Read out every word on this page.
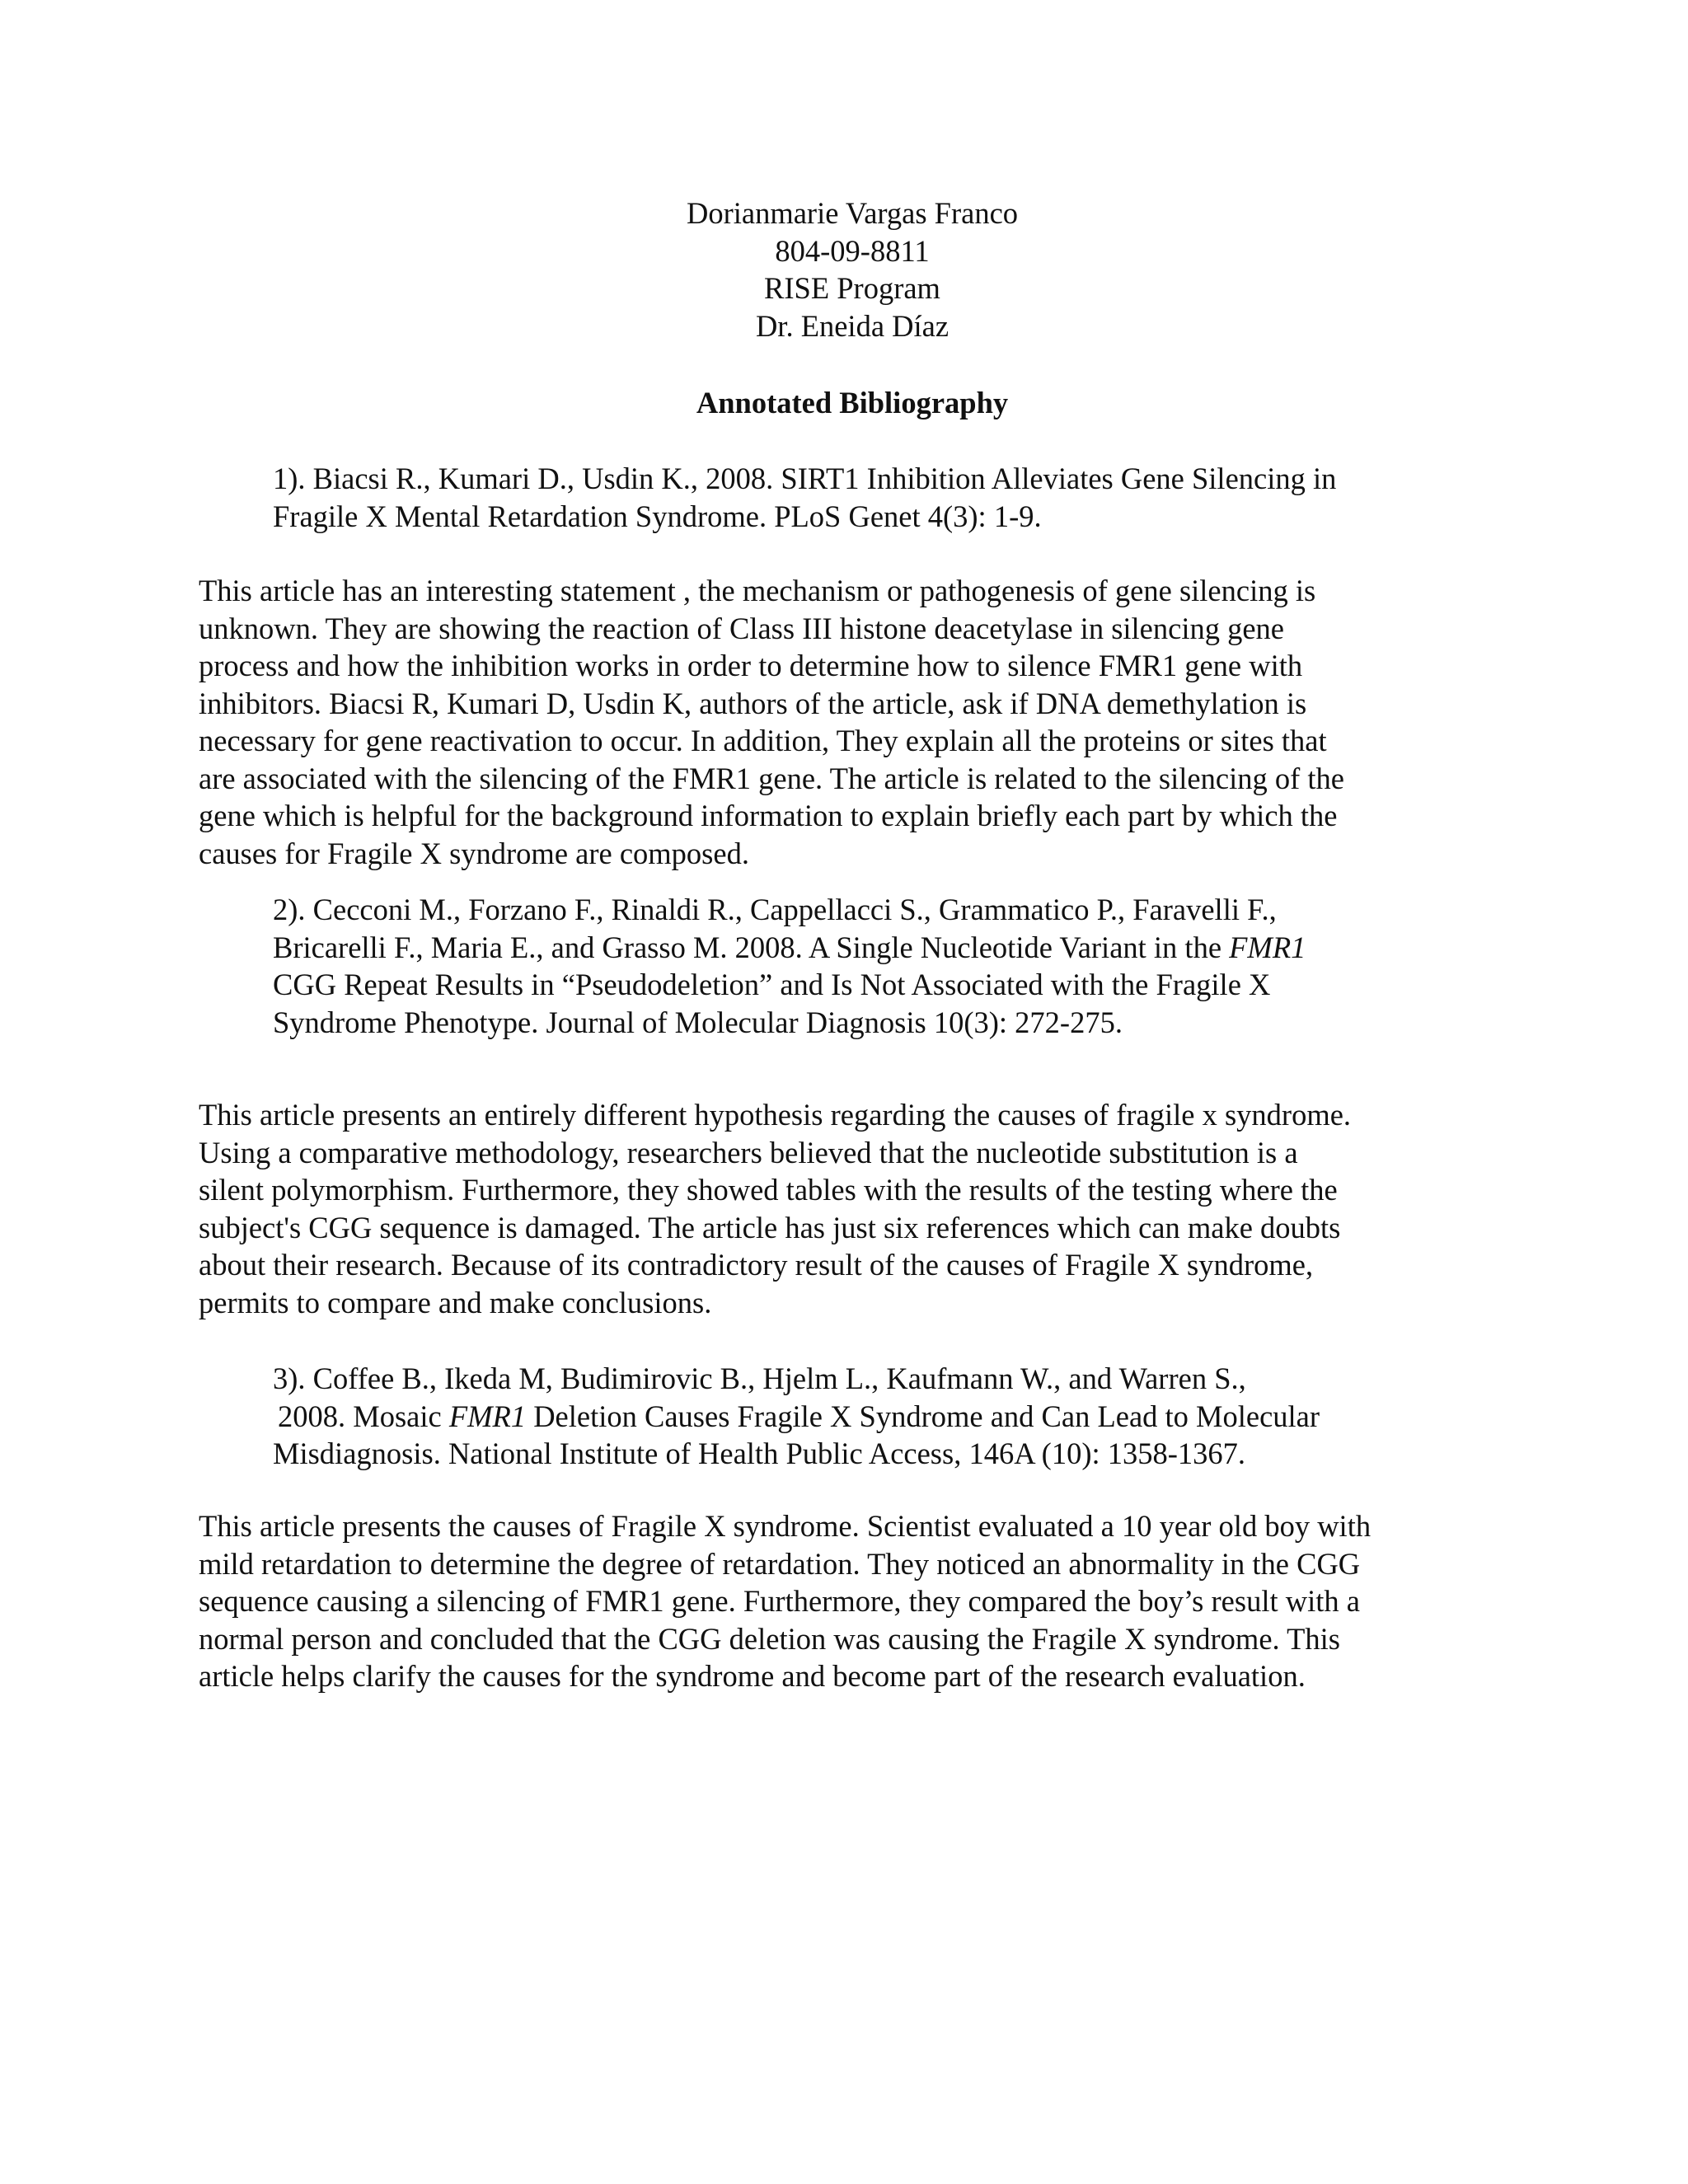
Dorianmarie Vargas Franco
804-09-8811
RISE Program
Dr. Eneida Díaz
Annotated Bibliography
1). Biacsi R., Kumari D., Usdin K., 2008. SIRT1 Inhibition Alleviates Gene Silencing in
Fragile X Mental Retardation Syndrome. PLoS Genet 4(3): 1-9.
This article has an interesting statement , the mechanism or pathogenesis of gene silencing is
unknown. They are showing the reaction of Class III histone deacetylase in silencing gene
process and how the inhibition works in order to determine how to silence FMR1 gene with
inhibitors. Biacsi R, Kumari D, Usdin K, authors of the article, ask if DNA demethylation is
necessary for gene reactivation to occur. In addition, They explain all the proteins or sites that
are associated with the silencing of the FMR1 gene. The article is related to the silencing of the
gene which is helpful for the background information to explain briefly each part by which the
causes for Fragile X syndrome are composed.
2). Cecconi M., Forzano F., Rinaldi R., Cappellacci S., Grammatico P., Faravelli F.,
Bricarelli F., Maria E., and Grasso M. 2008. A Single Nucleotide Variant in the FMR1
CGG Repeat Results in “Pseudodeletion” and Is Not Associated with the Fragile X
Syndrome Phenotype. Journal of Molecular Diagnosis 10(3): 272-275.
This article presents an entirely different hypothesis regarding the causes of fragile x syndrome.
Using a comparative methodology, researchers believed that the nucleotide substitution is a
silent polymorphism. Furthermore, they showed tables with the results of the testing where the
subject's CGG sequence is damaged. The article has just six references which can make doubts
about their research. Because of its contradictory result of the causes of Fragile X syndrome,
permits to compare and make conclusions.
3). Coffee B., Ikeda M, Budimirovic B., Hjelm L., Kaufmann W., and Warren S.,
2008. Mosaic FMR1 Deletion Causes Fragile X Syndrome and Can Lead to Molecular
Misdiagnosis. National Institute of Health Public Access, 146A (10): 1358-1367.
This article presents the causes of Fragile X syndrome. Scientist evaluated a 10 year old boy with
mild retardation to determine the degree of retardation. They noticed an abnormality in the CGG
sequence causing a silencing of FMR1 gene. Furthermore, they compared the boy’s result with a
normal person and concluded that the CGG deletion was causing the Fragile X syndrome. This
article helps clarify the causes for the syndrome and become part of the research evaluation.
